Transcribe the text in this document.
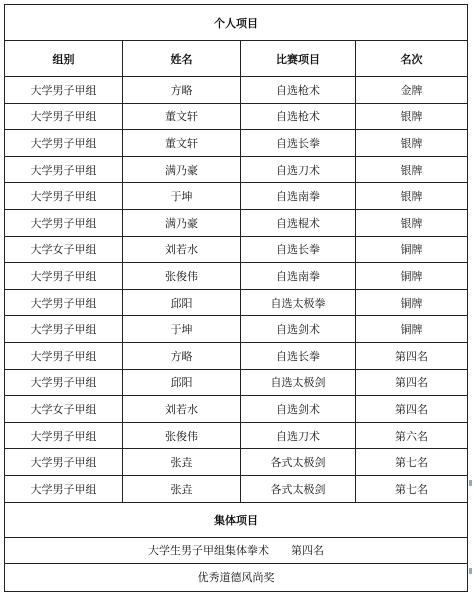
个人项目			
组别	姓名	比赛项目	名次
大学男子甲组	方略	自选枪术	金牌
大学男子甲组	董文轩	自选枪术	银牌
大学男子甲组	董文轩	自选长拳	银牌
大学男子甲组	满乃豪	自选刀术	银牌
大学男子甲组	于坤	自选南拳	银牌
大学男子甲组	满乃豪	自选棍术	银牌
大学女子甲组	刘若水	自选长拳	铜牌
大学男子甲组	张俊伟	自选南拳	铜牌
大学男子甲组	邱阳	自选太极拳	铜牌
大学男子甲组	于坤	自选剑术	铜牌
大学男子甲组	方略	自选长拳	第四名
大学男子甲组	邱阳	自选太极剑	第四名
大学女子甲组	刘若水	自选剑术	第四名
大学男子甲组	张俊伟	自选刀术	第六名
大学男子甲组	张垚	各式太极剑	第七名
大学男子甲组	张垚	各式太极剑	第七名
集体项目			
大学生男子甲组集体拳术 第四名			
优秀道德风尚奖			
